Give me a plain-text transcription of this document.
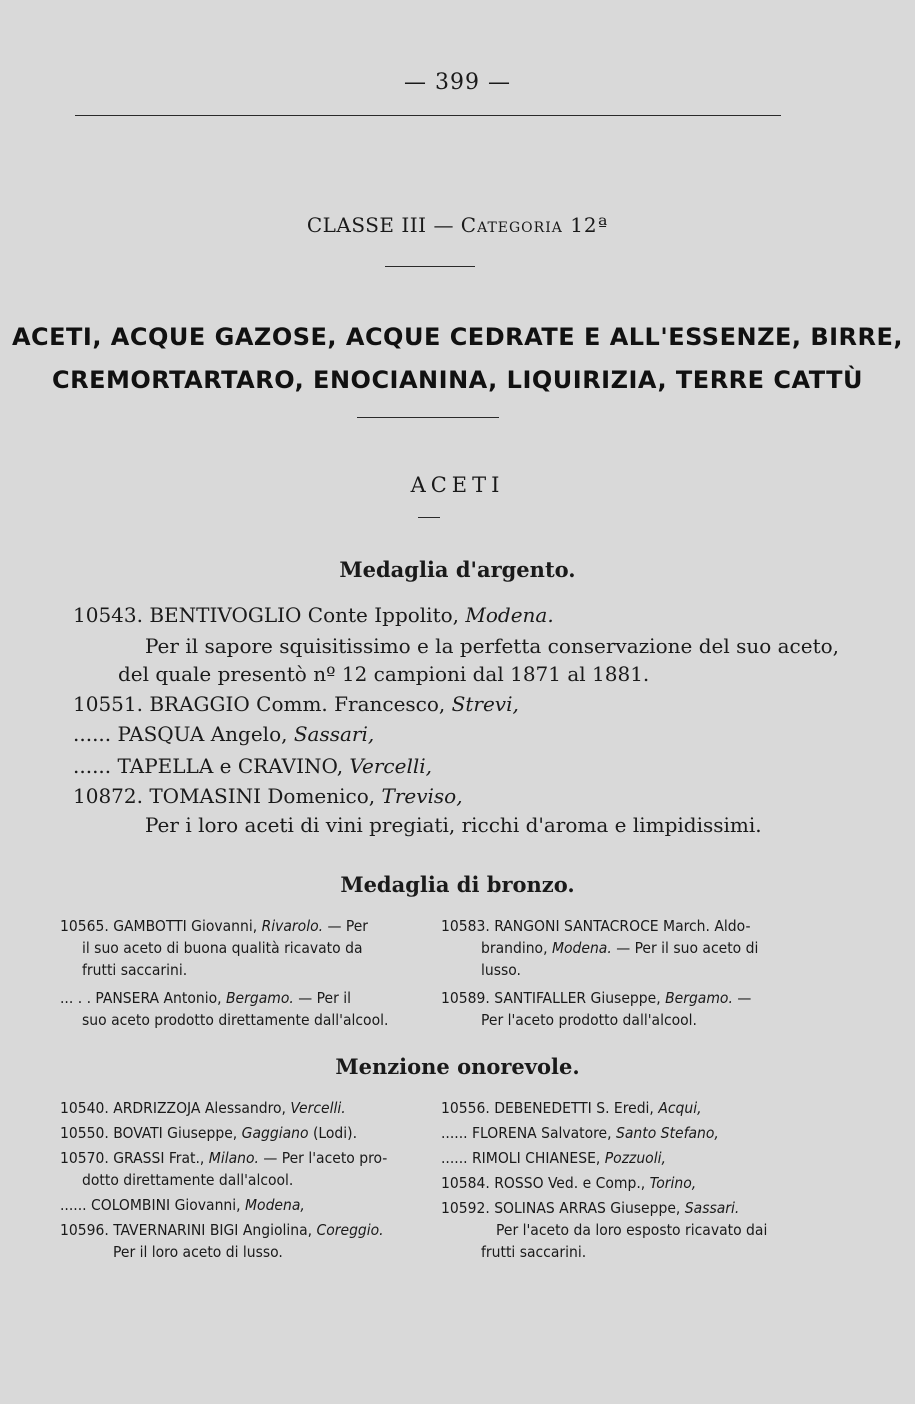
— 399 —
CLASSE III — Categoria 12ª
ACETI, ACQUE GAZOSE, ACQUE CEDRATE E ALL'ESSENZE, BIRRE,
CREMORTARTARO, ENOCIANINA, LIQUIRIZIA, TERRE CATTÙ
ACETI
Medaglia d'argento.
10543. BENTIVOGLIO Conte Ippolito, Modena.
Per il sapore squisitissimo e la perfetta conservazione del suo aceto,
del quale presentò nº 12 campioni dal 1871 al 1881.
10551. BRAGGIO Comm. Francesco, Strevi,
...... PASQUA Angelo, Sassari,
...... TAPELLA e CRAVINO, Vercelli,
10872. TOMASINI Domenico, Treviso,
Per i loro aceti di vini pregiati, ricchi d'aroma e limpidissimi.
Medaglia di bronzo.
10565. GAMBOTTI Giovanni, Rivarolo. — Per
il suo aceto di buona qualità ricavato da
frutti saccarini.
... . . PANSERA Antonio, Bergamo. — Per il
suo aceto prodotto direttamente dall'alcool.
10583. RANGONI SANTACROCE March. Aldo-
brandino, Modena. — Per il suo aceto di
lusso.
10589. SANTIFALLER Giuseppe, Bergamo. —
Per l'aceto prodotto dall'alcool.
Menzione onorevole.
10540. ARDRIZZOJA Alessandro, Vercelli.
10550. BOVATI Giuseppe, Gaggiano (Lodi).
10570. GRASSI Frat., Milano. — Per l'aceto pro-
dotto direttamente dall'alcool.
...... COLOMBINI Giovanni, Modena,
10596. TAVERNARINI BIGI Angiolina, Coreggio.
Per il loro aceto di lusso.
10556. DEBENEDETTI S. Eredi, Acqui,
...... FLORENA Salvatore, Santo Stefano,
...... RIMOLI CHIANESE, Pozzuoli,
10584. ROSSO Ved. e Comp., Torino,
10592. SOLINAS ARRAS Giuseppe, Sassari.
Per l'aceto da loro esposto ricavato dai
frutti saccarini.
